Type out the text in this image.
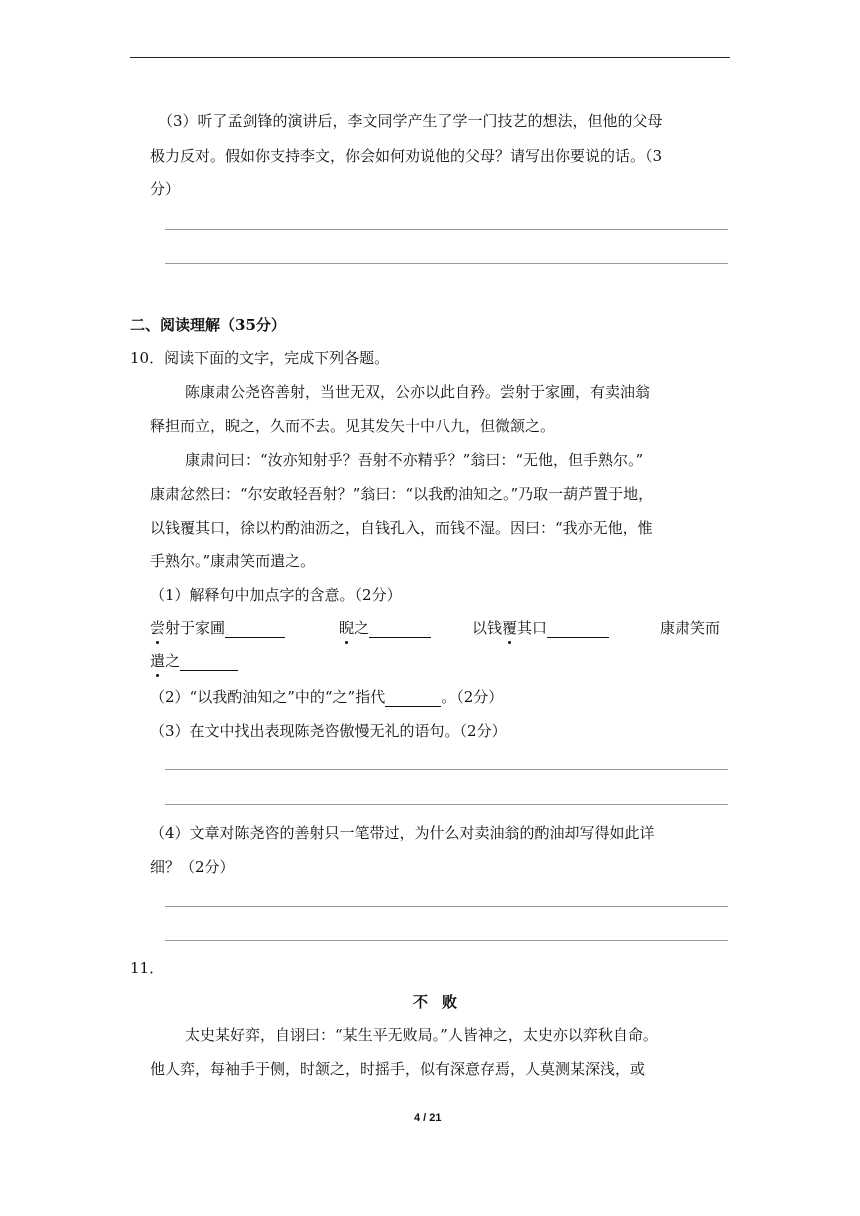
（3）听了孟剑锋的演讲后，李文同学产生了学一门技艺的想法，但他的父母
极力反对。假如你支持李文，你会如何劝说他的父母？请写出你要说的话。（3
分）
二、阅读理解（35分）
10．阅读下面的文字，完成下列各题。
陈康肃公尧咨善射，当世无双，公亦以此自矜。尝射于家圃，有卖油翁
释担而立，睨之，久而不去。见其发矢十中八九，但微颔之。
康肃问曰：“汝亦知射乎？吾射不亦精乎？”翁曰：“无他，但手熟尔。”
康肃忿然曰：“尔安敢轻吾射？”翁曰：“以我酌油知之。”乃取一葫芦置于地，
以钱覆其口，徐以杓酌油沥之，自钱孔入，而钱不湿。因曰：“我亦无他，惟
手熟尔。”康肃笑而遣之。
（1）解释句中加点字的含意。（2分）
尝射于家圃	睨之	以钱覆其口	康肃笑而
遣之
（2）“以我酌油知之”中的“之”指代	。（2分）
（3）在文中找出表现陈尧咨傲慢无礼的语句。（2分）
（4）文章对陈尧咨的善射只一笔带过，为什么对卖油翁的酌油却写得如此详
细？（2分）
11．
不败
太史某好弈，自诩曰：“某生平无败局。”人皆神之，太史亦以弈秋自命。
他人弈，每袖手于侧，时颔之，时摇手，似有深意存焉，人莫测某深浅，或
4 / 21
